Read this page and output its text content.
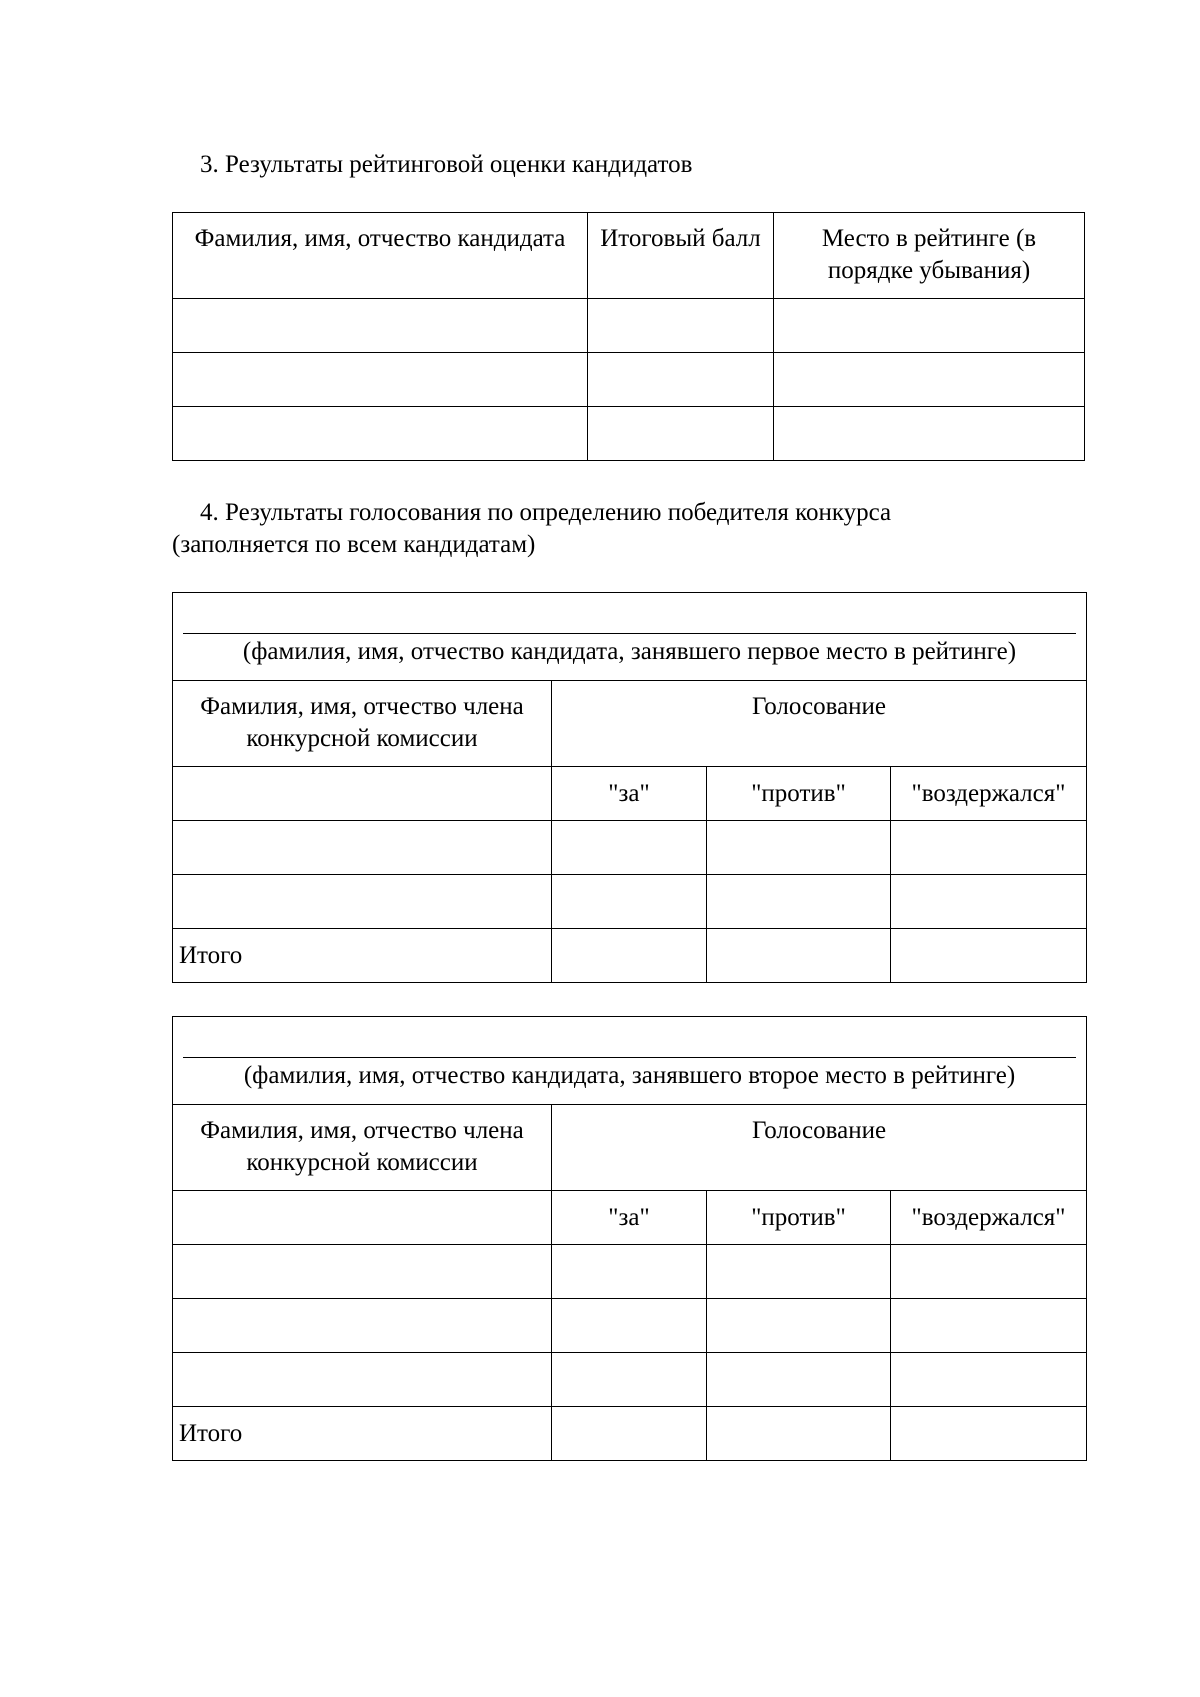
3. Результаты рейтинговой оценки кандидатов

Фамилия, имя, отчество кандидата	Итоговый балл	Место в рейтинге (в порядке убывания)

4. Результаты голосования по определению победителя конкурса
(заполняется по всем кандидатам)

(фамилия, имя, отчество кандидата, занявшего первое место в рейтинге)			

Фамилия, имя, отчество члена конкурсной комиссии	Голосование		
	"за"	"против"	"воздержался"

Итого			
(фамилия, имя, отчество кандидата, занявшего второе место в рейтинге)			

Фамилия, имя, отчество члена конкурсной комиссии	Голосование		
	"за"	"против"	"воздержался"

Итого			
